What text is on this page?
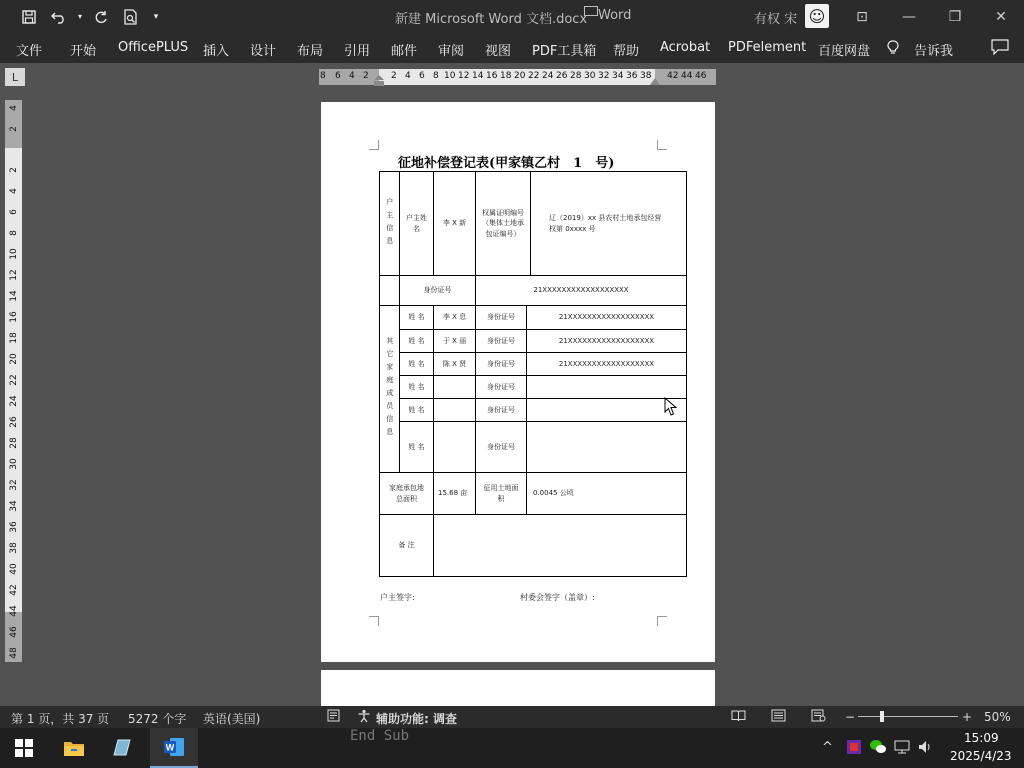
▾	▾	新建 Microsoft Word 文档.docx Word	有权 宋 ☺	⊡	—	❐	✕
文件 开始 OfficePLUS 插入 设计 布局 引用 邮件 审阅 视图 PDF工具箱 帮助 Acrobat PDFelement 百度网盘	告诉我
L	8 6 4 2 2 4 6 8 10 12 14 16 18 20 22 24 26 28 30 32 34 36 38 42 44 46
4
2
2
4
6
8
10
12
14
16
18
20
22
24
26
28
30
32
34
36
38
40
42
44
46
48
征地补偿登记表(甲家镇乙村　1　号)
户主信息	户主姓名	李 X 新	权属证明编号（集体土地承包证编号）		辽（2019）xx 县农村土地承包经营权第 0xxxx 号
	身份证号		21XXXXXXXXXXXXXXXXXX		
其它家庭成员信息	姓 名	李 X 息	身份证号	21XXXXXXXXXXXXXXXXXX	
	姓 名	于 X 丽	身份证号	21XXXXXXXXXXXXXXXXXX	
	姓 名	陈 X 贤	身份证号	21XXXXXXXXXXXXXXXXXX	
	姓 名		身份证号		
	姓 名		身份证号		
	姓 名		身份证号		
家庭承包地总面积		15.68 亩	征用土地面 积	0.0045 公顷	
备 注					
户主签字:	村委会签字（盖章）:
第 1 页，共 37 页 5272 个字 英语(美国)	辅助功能: 调查	−	+ 50%
End Sub
W	^
15:09
2025/4/23
